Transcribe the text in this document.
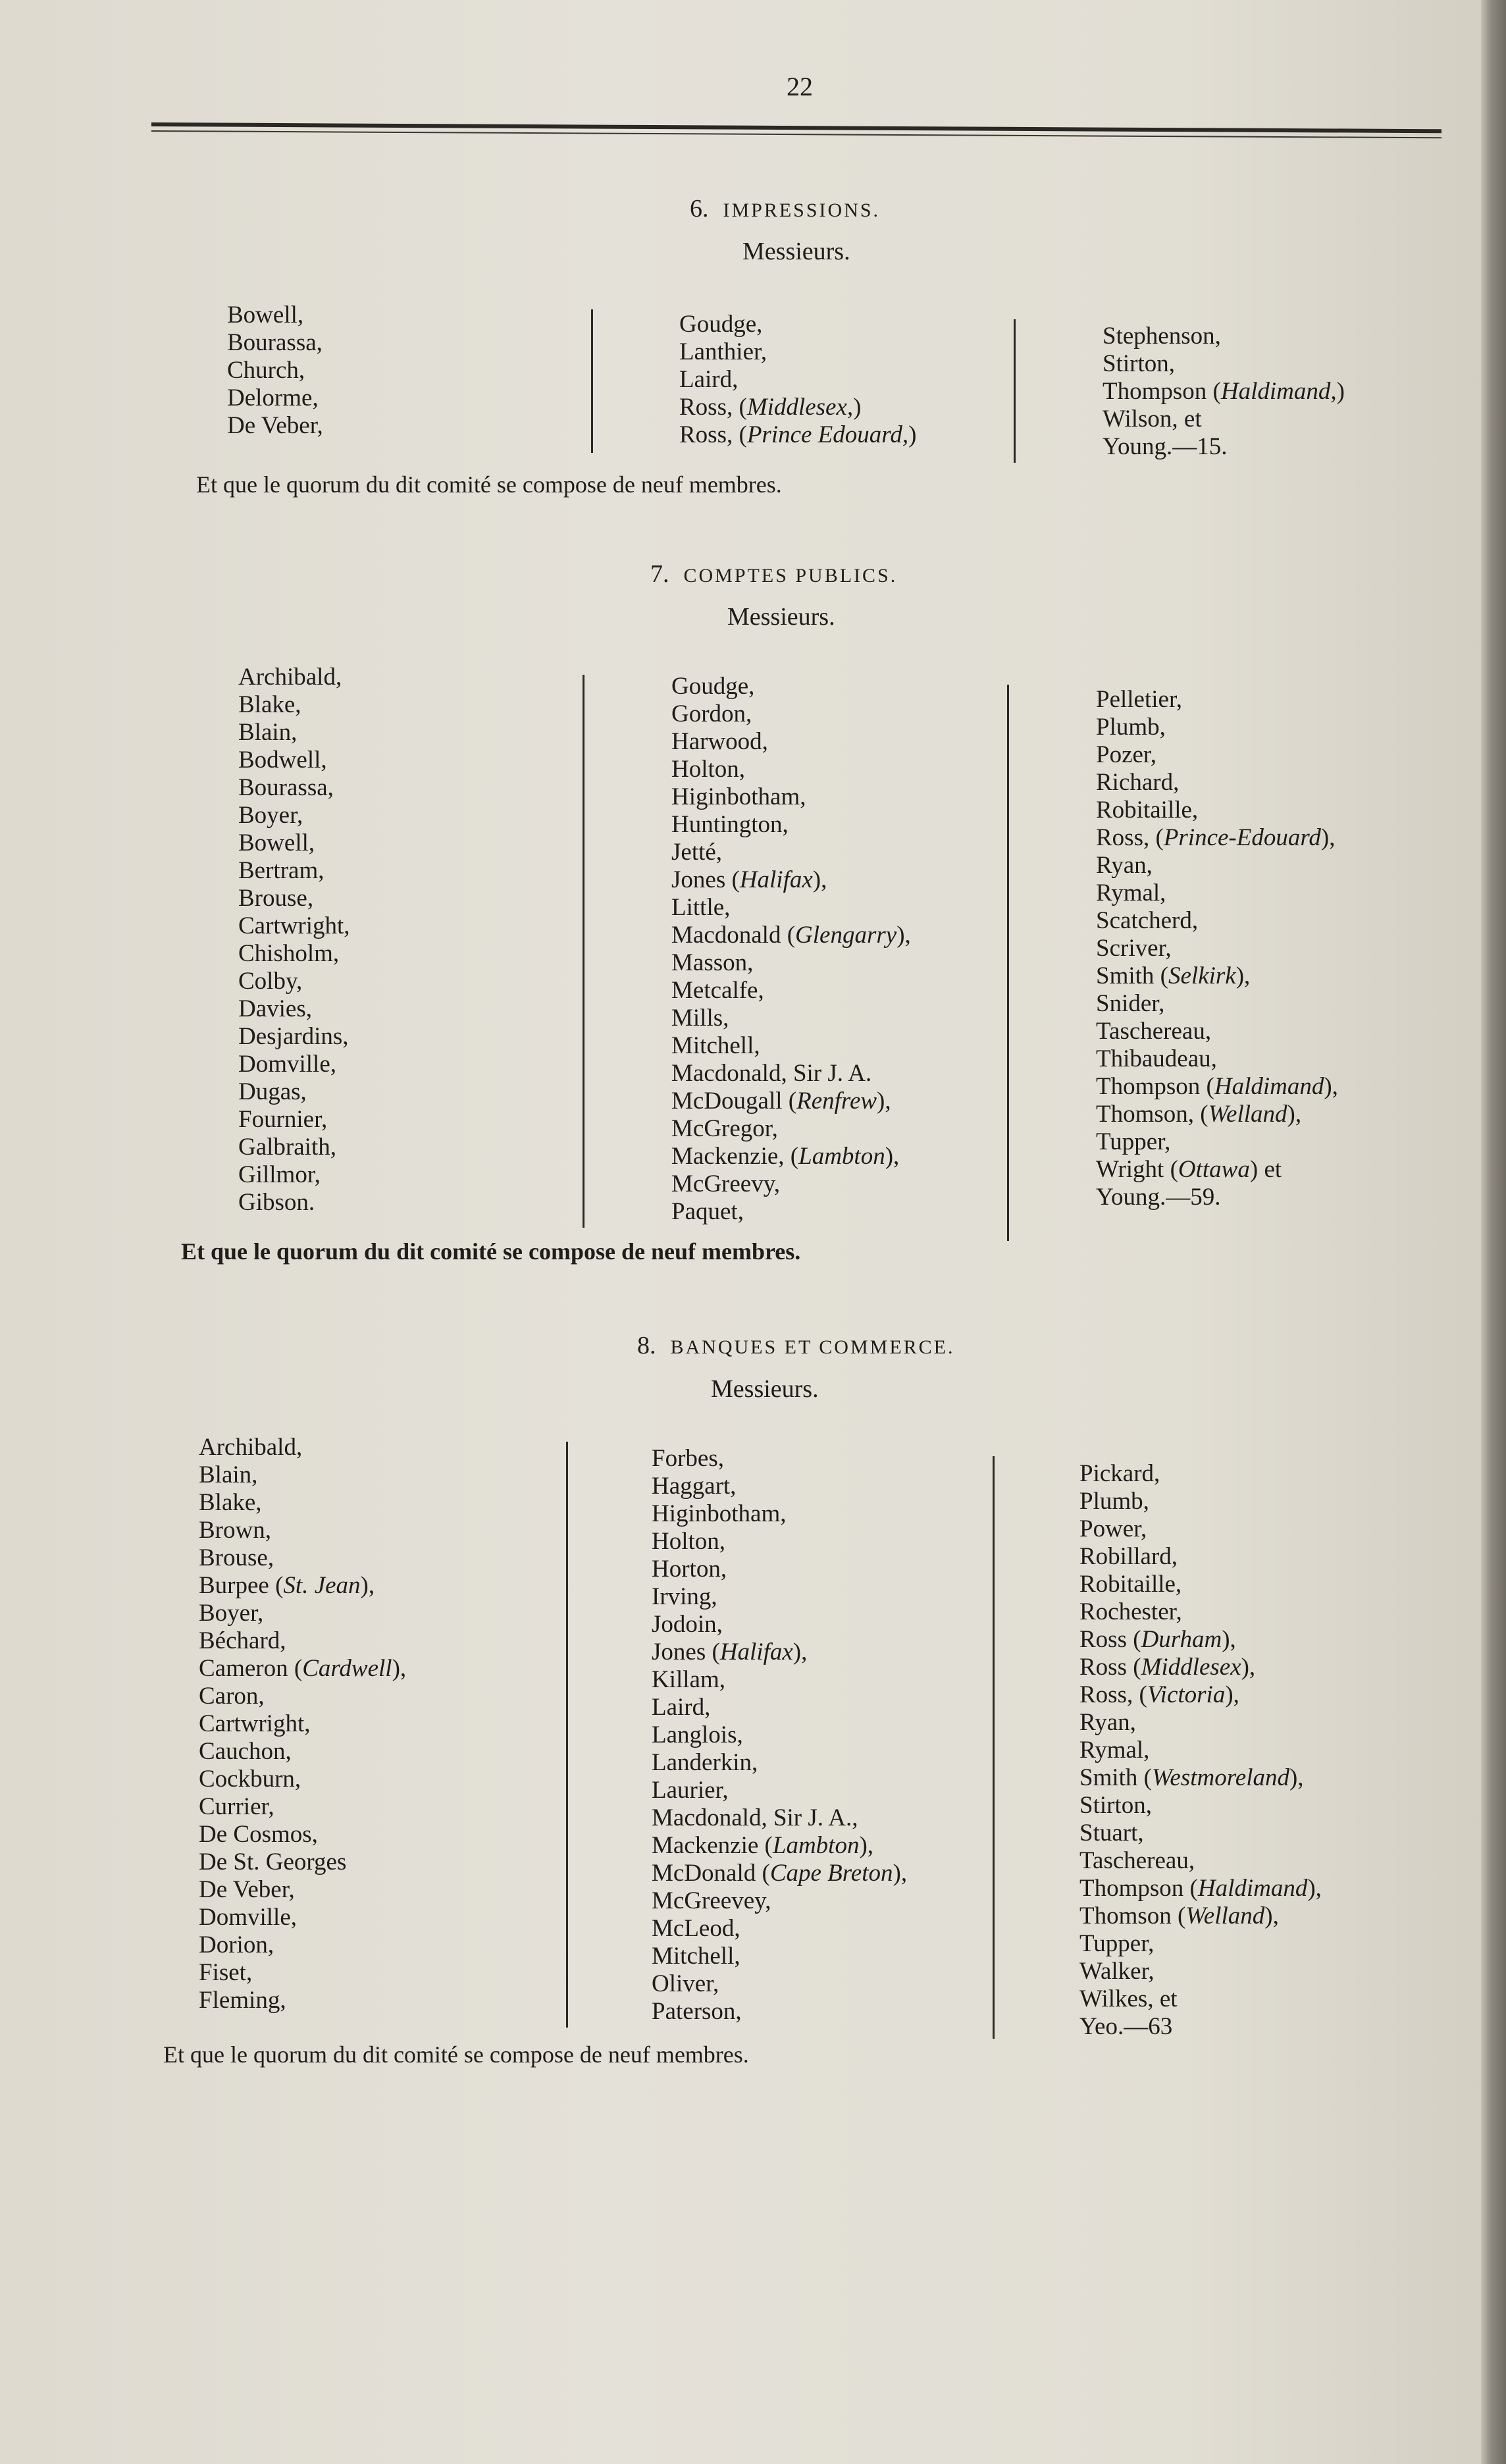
22
6. IMPRESSIONS.
Messieurs.
Bowell,
Bourassa,
Church,
Delorme,
De Veber,
Goudge,
Lanthier,
Laird,
Ross, (Middlesex,)
Ross, (Prince Edouard,)
Stephenson,
Stirton,
Thompson (Haldimand,)
Wilson, et
Young.—15.
Et que le quorum du dit comité se compose de neuf membres.
7. COMPTES PUBLICS.
Messieurs.
Archibald,
Blake,
Blain,
Bodwell,
Bourassa,
Boyer,
Bowell,
Bertram,
Brouse,
Cartwright,
Chisholm,
Colby,
Davies,
Desjardins,
Domville,
Dugas,
Fournier,
Galbraith,
Gillmor,
Gibson.
Goudge,
Gordon,
Harwood,
Holton,
Higinbotham,
Huntington,
Jetté,
Jones (Halifax),
Little,
Macdonald (Glengarry),
Masson,
Metcalfe,
Mills,
Mitchell,
Macdonald, Sir J. A.
McDougall (Renfrew),
McGregor,
Mackenzie, (Lambton),
McGreevy,
Paquet,
Pelletier,
Plumb,
Pozer,
Richard,
Robitaille,
Ross, (Prince-Edouard),
Ryan,
Rymal,
Scatcherd,
Scriver,
Smith (Selkirk),
Snider,
Taschereau,
Thibaudeau,
Thompson (Haldimand),
Thomson, (Welland),
Tupper,
Wright (Ottawa) et
Young.—59.
Et que le quorum du dit comité se compose de neuf membres.
8. BANQUES ET COMMERCE.
Messieurs.
Archibald,
Blain,
Blake,
Brown,
Brouse,
Burpee (St. Jean),
Boyer,
Béchard,
Cameron (Cardwell),
Caron,
Cartwright,
Cauchon,
Cockburn,
Currier,
De Cosmos,
De St. Georges
De Veber,
Domville,
Dorion,
Fiset,
Fleming,
Forbes,
Haggart,
Higinbotham,
Holton,
Horton,
Irving,
Jodoin,
Jones (Halifax),
Killam,
Laird,
Langlois,
Landerkin,
Laurier,
Macdonald, Sir J. A.,
Mackenzie (Lambton),
McDonald (Cape Breton),
McGreevey,
McLeod,
Mitchell,
Oliver,
Paterson,
Pickard,
Plumb,
Power,
Robillard,
Robitaille,
Rochester,
Ross (Durham),
Ross (Middlesex),
Ross, (Victoria),
Ryan,
Rymal,
Smith (Westmoreland),
Stirton,
Stuart,
Taschereau,
Thompson (Haldimand),
Thomson (Welland),
Tupper,
Walker,
Wilkes, et
Yeo.—63
Et que le quorum du dit comité se compose de neuf membres.
